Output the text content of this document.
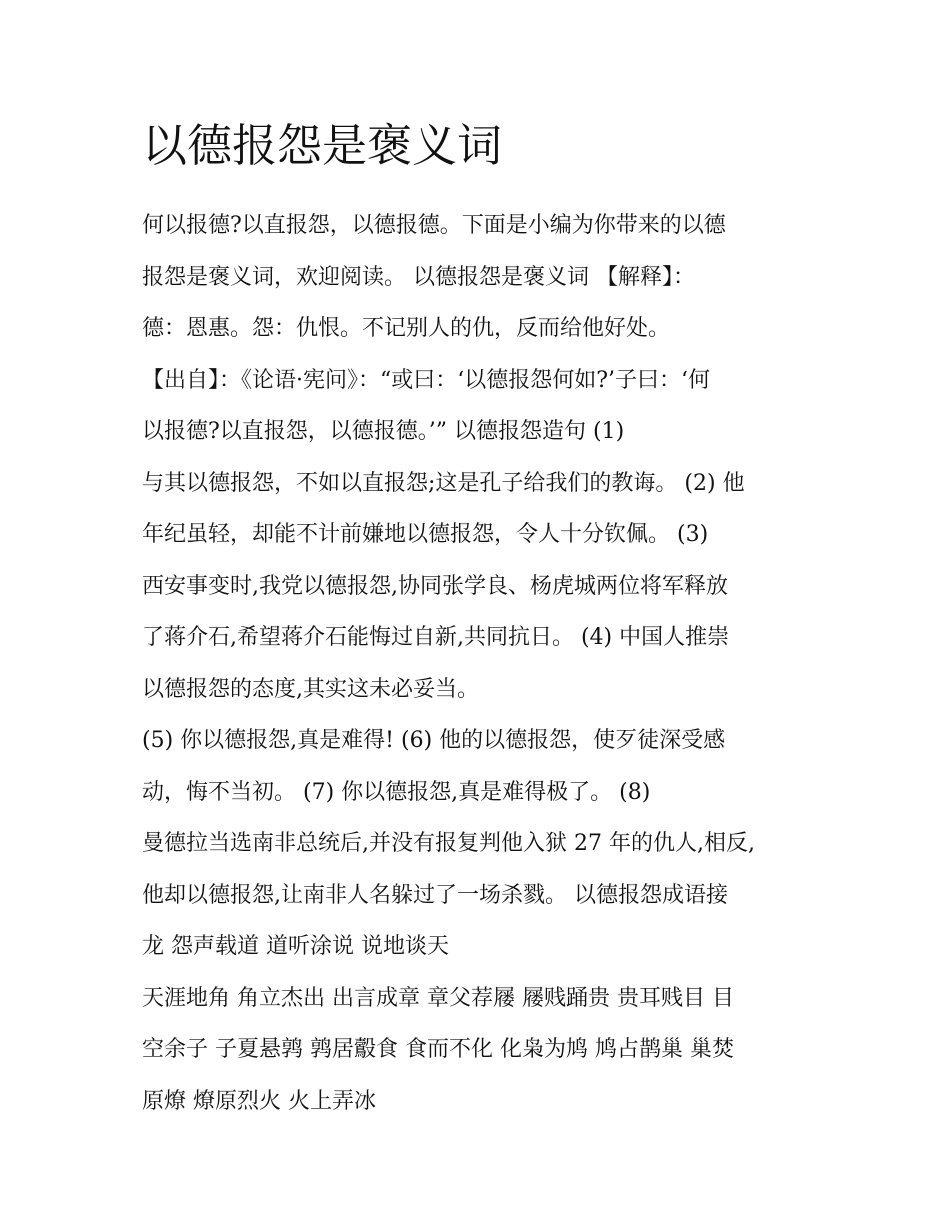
以德报怨是褒义词
何以报德?以直报怨，以德报德。下面是小编为你带来的以德
报怨是褒义词，欢迎阅读。 以德报怨是褒义词 【解释】：
德：恩惠。怨：仇恨。不记别人的仇，反而给他好处。
【出自】：《论语·宪问》：“或曰：‘以德报怨何如?’子曰：‘何
以报德?以直报怨，以德报德。’” 以德报怨造句 (1)
与其以德报怨，不如以直报怨;这是孔子给我们的教诲。 (2) 他
年纪虽轻，却能不计前嫌地以德报怨，令人十分钦佩。 (3)
西安事变时,我党以德报怨,协同张学良、杨虎城两位将军释放
了蒋介石,希望蒋介石能悔过自新,共同抗日。 (4) 中国人推崇
以德报怨的态度,其实这未必妥当。
(5) 你以德报怨,真是难得! (6) 他的以德报怨，使歹徒深受感
动，悔不当初。 (7) 你以德报怨,真是难得极了。 (8)
曼德拉当选南非总统后,并没有报复判他入狱 27 年的仇人,相反,
他却以德报怨,让南非人名躲过了一场杀戮。 以德报怨成语接
龙 怨声载道 道听涂说 说地谈天
天涯地角 角立杰出 出言成章 章父荐屦 屦贱踊贵 贵耳贱目 目
空余子 子夏悬鹑 鹑居鷇食 食而不化 化枭为鸠 鸠占鹊巢 巢焚
原燎 燎原烈火 火上弄冰
